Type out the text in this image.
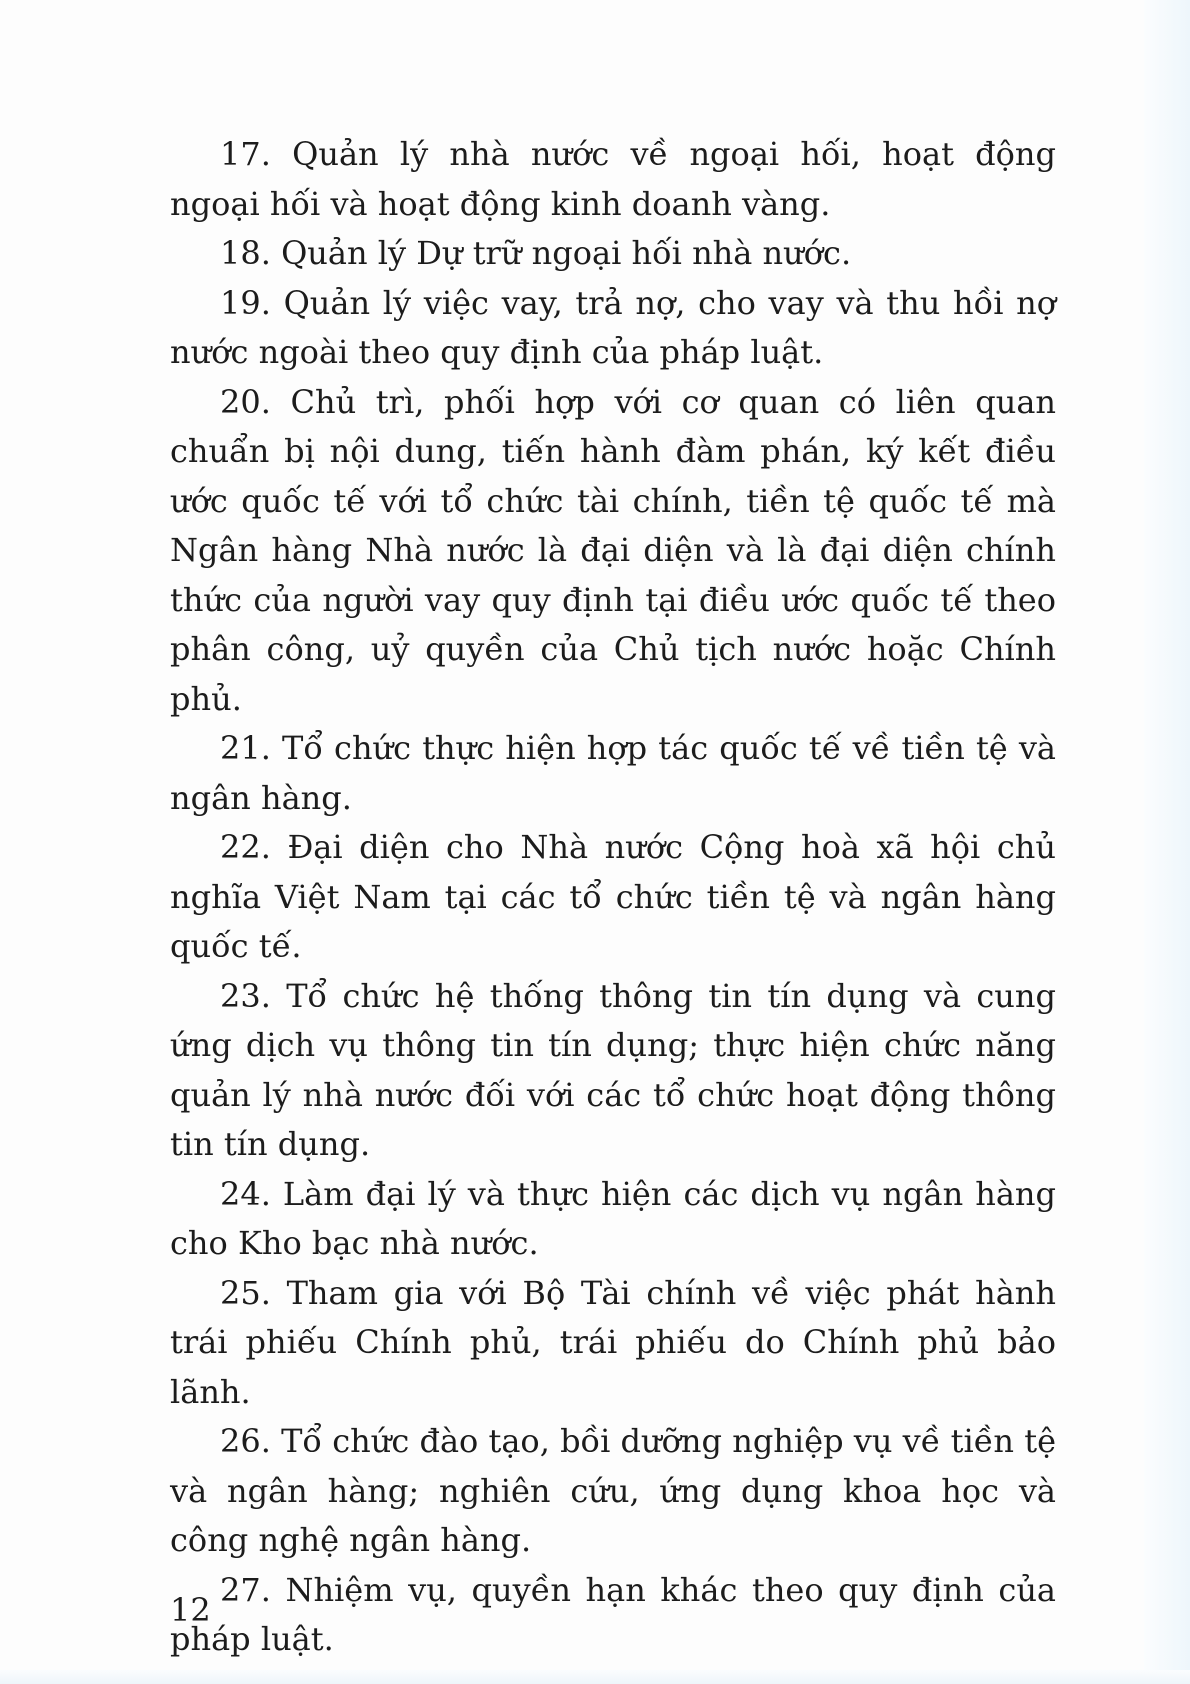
17. Quản lý nhà nước về ngoại hối, hoạt động ngoại hối và hoạt động kinh doanh vàng.

18. Quản lý Dự trữ ngoại hối nhà nước.

19. Quản lý việc vay, trả nợ, cho vay và thu hồi nợ nước ngoài theo quy định của pháp luật.

20. Chủ trì, phối hợp với cơ quan có liên quan chuẩn bị nội dung, tiến hành đàm phán, ký kết điều ước quốc tế với tổ chức tài chính, tiền tệ quốc tế mà Ngân hàng Nhà nước là đại diện và là đại diện chính thức của người vay quy định tại điều ước quốc tế theo phân công, uỷ quyền của Chủ tịch nước hoặc Chính phủ.

21. Tổ chức thực hiện hợp tác quốc tế về tiền tệ và ngân hàng.

22. Đại diện cho Nhà nước Cộng hoà xã hội chủ nghĩa Việt Nam tại các tổ chức tiền tệ và ngân hàng quốc tế.

23. Tổ chức hệ thống thông tin tín dụng và cung ứng dịch vụ thông tin tín dụng; thực hiện chức năng quản lý nhà nước đối với các tổ chức hoạt động thông tin tín dụng.

24. Làm đại lý và thực hiện các dịch vụ ngân hàng cho Kho bạc nhà nước.

25. Tham gia với Bộ Tài chính về việc phát hành trái phiếu Chính phủ, trái phiếu do Chính phủ bảo lãnh.

26. Tổ chức đào tạo, bồi dưỡng nghiệp vụ về tiền tệ và ngân hàng; nghiên cứu, ứng dụng khoa học và công nghệ ngân hàng.

27. Nhiệm vụ, quyền hạn khác theo quy định của pháp luật.

12
